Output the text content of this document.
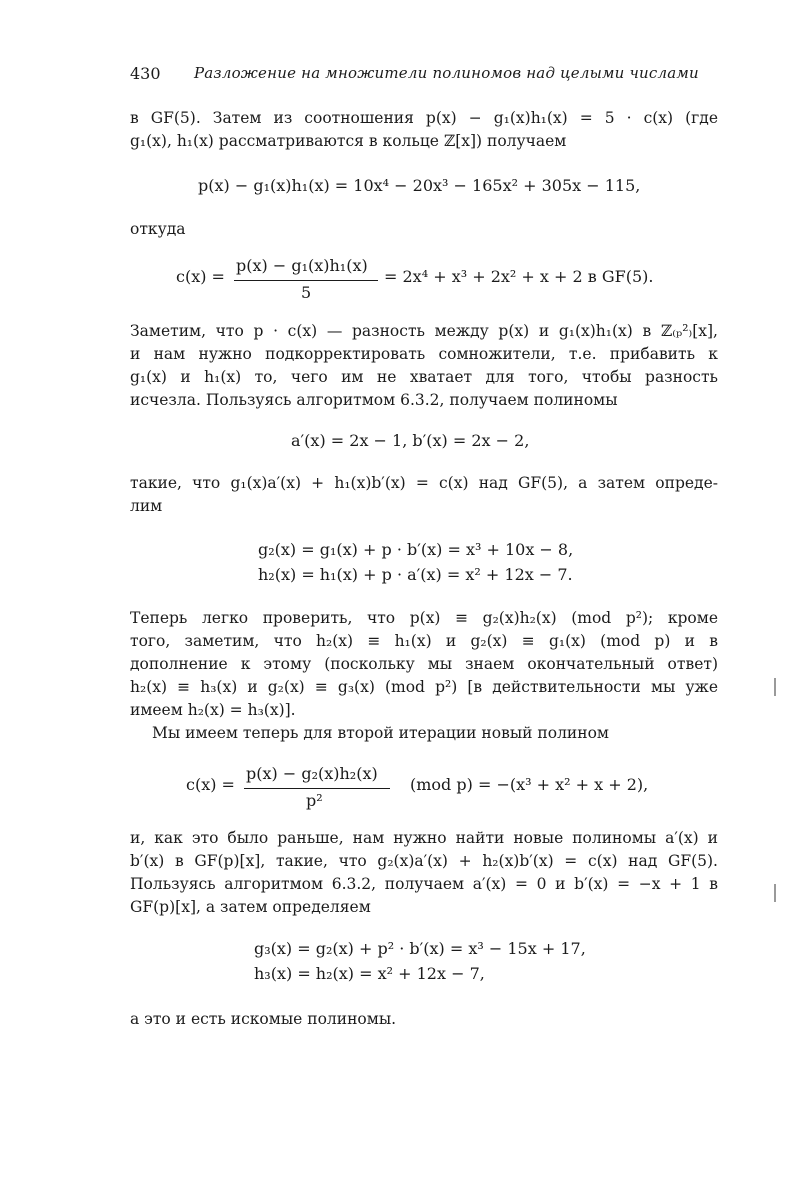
430 Разложение на множители полиномов над целыми числами
в GF(5). Затем из соотношения p(x) − g₁(x)h₁(x) = 5 · c(x) (где
g₁(x), h₁(x) рассматриваются в кольце ℤ[x]) получаем
p(x) − g₁(x)h₁(x) = 10x⁴ − 20x³ − 165x² + 305x − 115,
откуда
c(x) =
p(x) − g₁(x)h₁(x)
5
= 2x⁴ + x³ + 2x² + x + 2 в GF(5).
Заметим, что p · c(x) — разность между p(x) и g₁(x)h₁(x) в ℤ₍ₚ²₎[x],
и нам нужно подкорректировать сомножители, т.е. прибавить к
g₁(x) и h₁(x) то, чего им не хватает для того, чтобы разность
исчезла. Пользуясь алгоритмом 6.3.2, получаем полиномы
a′(x) = 2x − 1, b′(x) = 2x − 2,
такие, что g₁(x)a′(x) + h₁(x)b′(x) = c(x) над GF(5), а затем опреде-
лим
g₂(x) = g₁(x) + p · b′(x) = x³ + 10x − 8,
h₂(x) = h₁(x) + p · a′(x) = x² + 12x − 7.
Теперь легко проверить, что p(x) ≡ g₂(x)h₂(x) (mod p²); кроме
того, заметим, что h₂(x) ≡ h₁(x) и g₂(x) ≡ g₁(x) (mod p) и в
дополнение к этому (поскольку мы знаем окончательный ответ)
h₂(x) ≡ h₃(x) и g₂(x) ≡ g₃(x) (mod p²) [в действительности мы уже
имеем h₂(x) = h₃(x)].
Мы имеем теперь для второй итерации новый полином
c(x) =
p(x) − g₂(x)h₂(x)
p²
(mod p) = −(x³ + x² + x + 2),
и, как это было раньше, нам нужно найти новые полиномы a′(x) и
b′(x) в GF(p)[x], такие, что g₂(x)a′(x) + h₂(x)b′(x) = c(x) над GF(5).
Пользуясь алгоритмом 6.3.2, получаем a′(x) = 0 и b′(x) = −x + 1 в
GF(p)[x], а затем определяем
g₃(x) = g₂(x) + p² · b′(x) = x³ − 15x + 17,
h₃(x) = h₂(x) = x² + 12x − 7,
а это и есть искомые полиномы.
